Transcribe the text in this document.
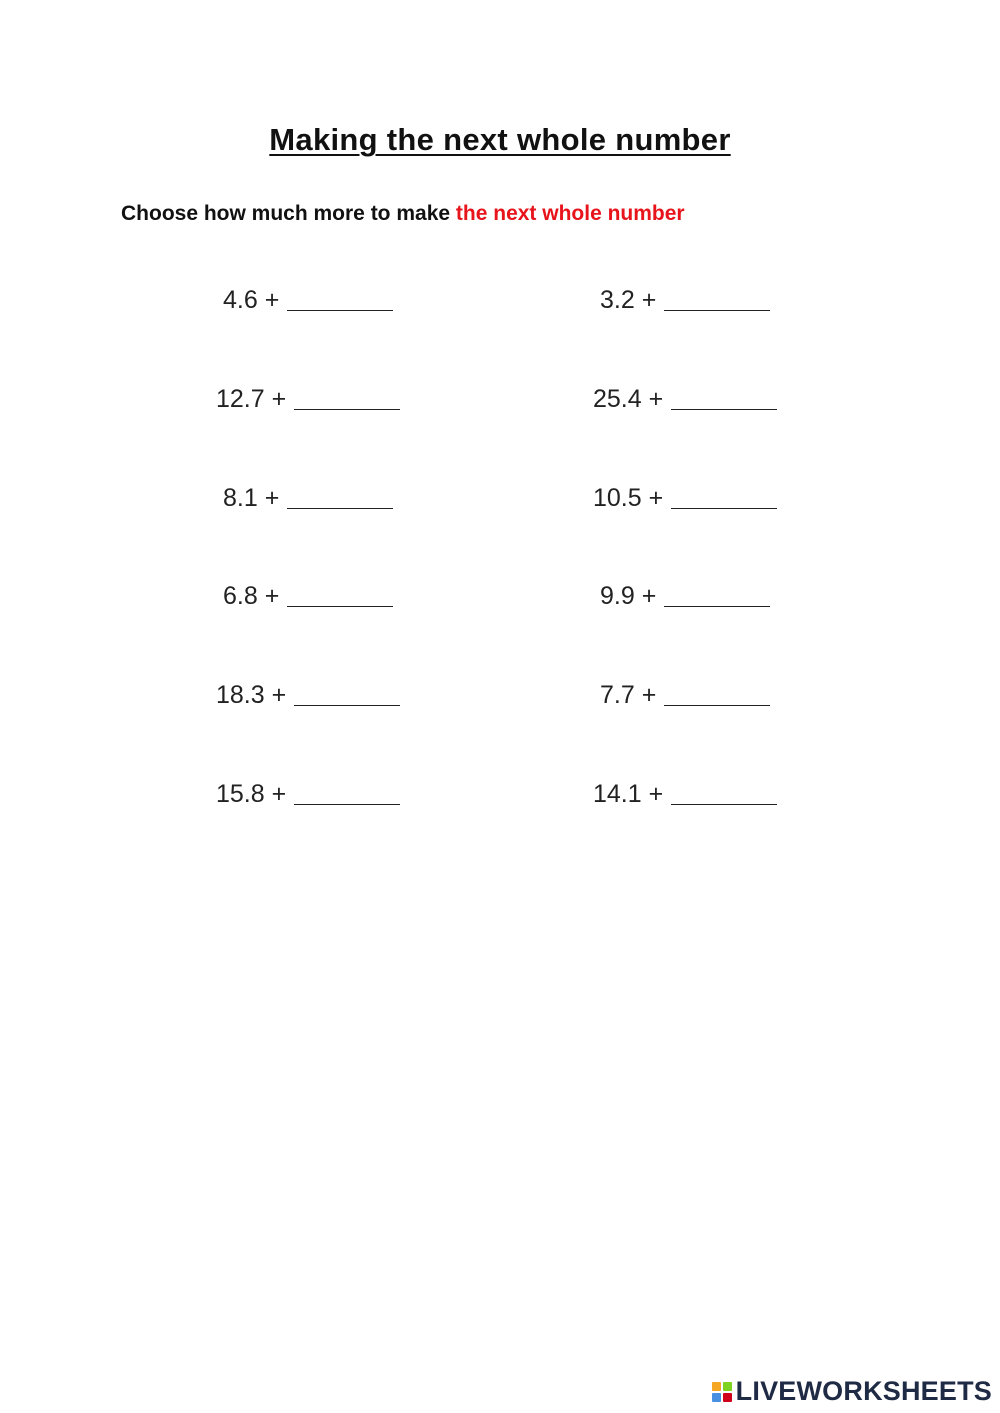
Making the next whole number
Choose how much more to make the next whole number
4.6 +	3.2 +
12.7 +	25.4 +
8.1 +	10.5 +
6.8 +	9.9 +
18.3 +	7.7 +
15.8 +	14.1 +
LIVEWORKSHEETS
